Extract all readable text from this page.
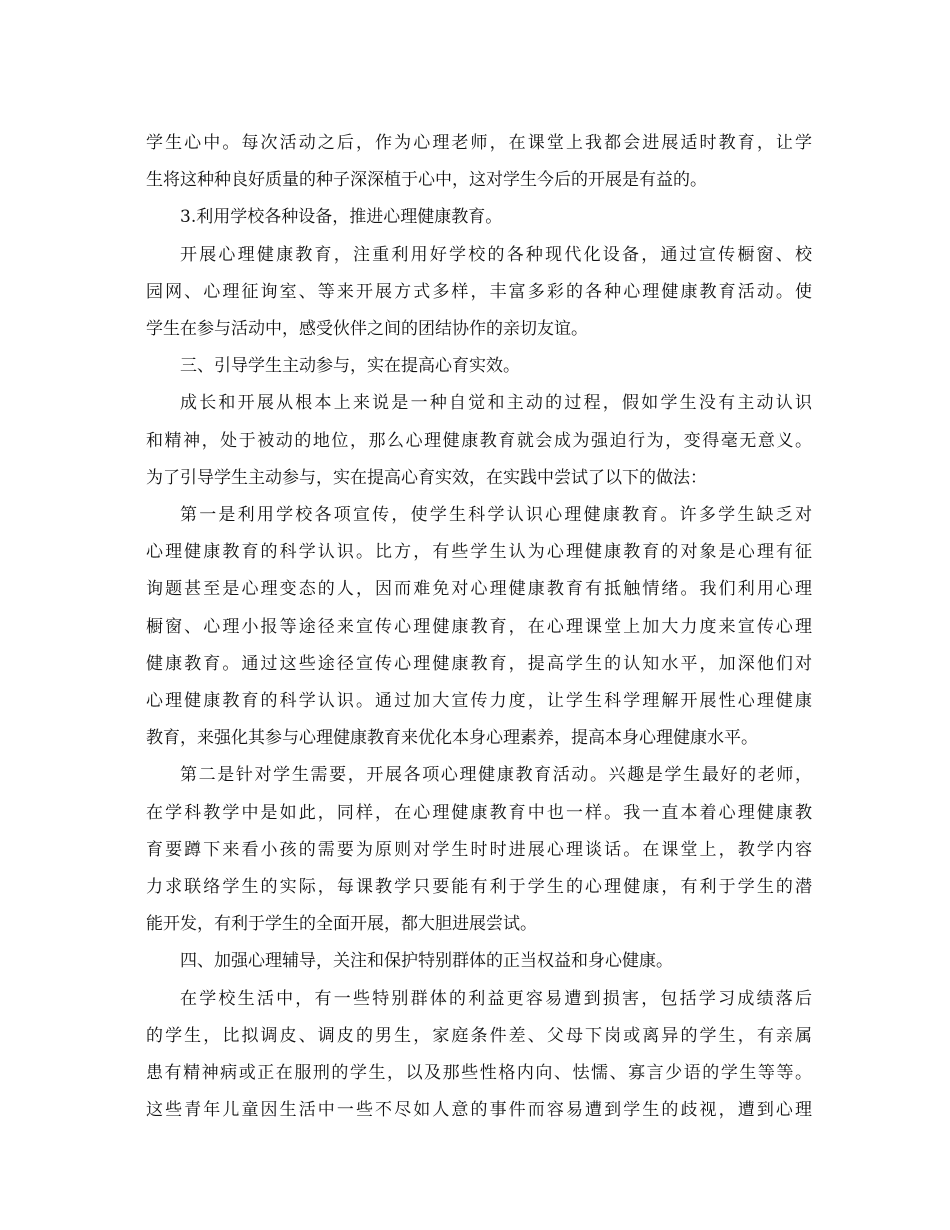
学生心中。每次活动之后，作为心理老师，在课堂上我都会进展适时教育，让学

生将这种种良好质量的种子深深植于心中，这对学生今后的开展是有益的。

3.利用学校各种设备，推进心理健康教育。

开展心理健康教育，注重利用好学校的各种现代化设备，通过宣传橱窗、校

园网、心理征询室、等来开展方式多样，丰富多彩的各种心理健康教育活动。使

学生在参与活动中，感受伙伴之间的团结协作的亲切友谊。

三、引导学生主动参与，实在提高心育实效。

成长和开展从根本上来说是一种自觉和主动的过程，假如学生没有主动认识

和精神，处于被动的地位，那么心理健康教育就会成为强迫行为，变得毫无意义。

为了引导学生主动参与，实在提高心育实效，在实践中尝试了以下的做法：

第一是利用学校各项宣传，使学生科学认识心理健康教育。许多学生缺乏对

心理健康教育的科学认识。比方，有些学生认为心理健康教育的对象是心理有征

询题甚至是心理变态的人，因而难免对心理健康教育有抵触情绪。我们利用心理

橱窗、心理小报等途径来宣传心理健康教育，在心理课堂上加大力度来宣传心理

健康教育。通过这些途径宣传心理健康教育，提高学生的认知水平，加深他们对

心理健康教育的科学认识。通过加大宣传力度，让学生科学理解开展性心理健康

教育，来强化其参与心理健康教育来优化本身心理素养，提高本身心理健康水平。

第二是针对学生需要，开展各项心理健康教育活动。兴趣是学生最好的老师，

在学科教学中是如此，同样，在心理健康教育中也一样。我一直本着心理健康教

育要蹲下来看小孩的需要为原则对学生时时进展心理谈话。在课堂上，教学内容

力求联络学生的实际，每课教学只要能有利于学生的心理健康，有利于学生的潜

能开发，有利于学生的全面开展，都大胆进展尝试。

四、加强心理辅导，关注和保护特别群体的正当权益和身心健康。

在学校生活中，有一些特别群体的利益更容易遭到损害，包括学习成绩落后

的学生，比拟调皮、调皮的男生，家庭条件差、父母下岗或离异的学生，有亲属

患有精神病或正在服刑的学生，以及那些性格内向、怯懦、寡言少语的学生等等。

这些青年儿童因生活中一些不尽如人意的事件而容易遭到学生的歧视，遭到心理
